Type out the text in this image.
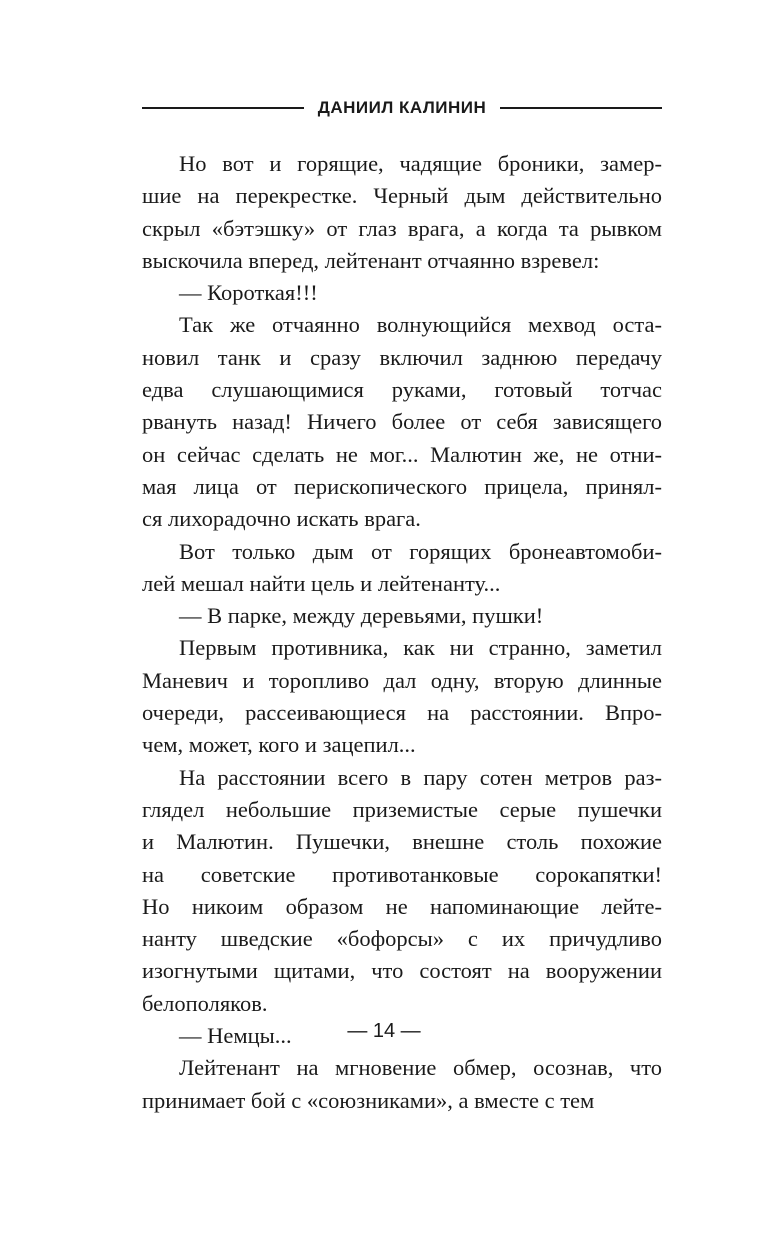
ДАНИИЛ КАЛИНИН
Но вот и горящие, чадящие броники, замер-
шие на перекрестке. Черный дым действительно
скрыл «бэтэшку» от глаз врага, а когда та рывком
выскочила вперед, лейтенант отчаянно взревел:
— Короткая!!!
Так же отчаянно волнующийся мехвод оста-
новил танк и сразу включил заднюю передачу
едва слушающимися руками, готовый тотчас
рвануть назад! Ничего более от себя зависящего
он сейчас сделать не мог... Малютин же, не отни-
мая лица от перископического прицела, принял-
ся лихорадочно искать врага.
Вот только дым от горящих бронеавтомоби-
лей мешал найти цель и лейтенанту...
— В парке, между деревьями, пушки!
Первым противника, как ни странно, заметил
Маневич и торопливо дал одну, вторую длинные
очереди, рассеивающиеся на расстоянии. Впро-
чем, может, кого и зацепил...
На расстоянии всего в пару сотен метров раз-
глядел небольшие приземистые серые пушечки
и Малютин. Пушечки, внешне столь похожие
на советские противотанковые сорокапятки!
Но никоим образом не напоминающие лейте-
нанту шведские «бофорсы» с их причудливо
изогнутыми щитами, что состоят на вооружении
белополяков.
— Немцы...
Лейтенант на мгновение обмер, осознав, что
принимает бой с «союзниками», а вместе с тем
— 14 —
